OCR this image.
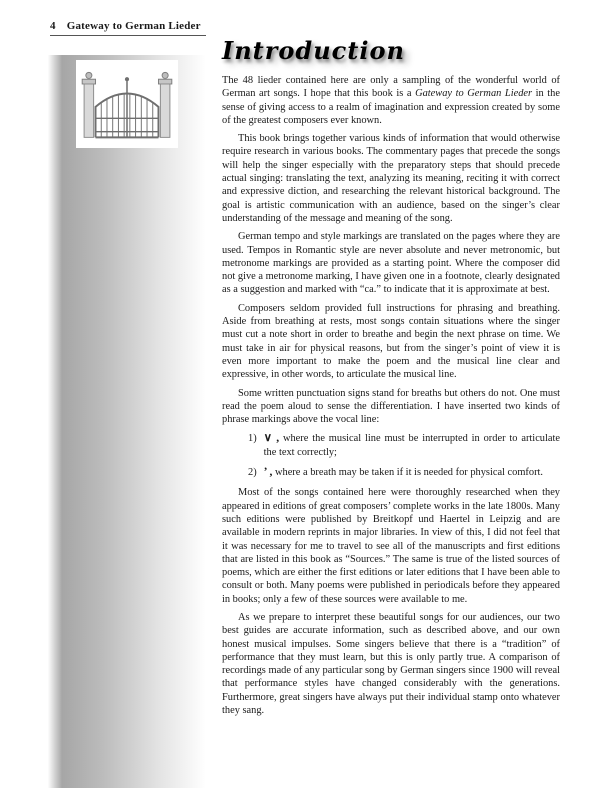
4 Gateway to German Lieder
Introduction

The 48 lieder contained here are only a sampling of the wonderful world of German art songs. I hope that this book is a Gateway to German Lieder in the sense of giving access to a realm of imagination and expression created by some of the greatest composers ever known.

This book brings together various kinds of information that would otherwise require research in various books. The commentary pages that precede the songs will help the singer especially with the preparatory steps that should precede actual singing: translating the text, analyzing its meaning, reciting it with correct and expressive diction, and researching the relevant historical background. The goal is artistic communication with an audience, based on the singer’s clear understanding of the message and meaning of the song.

German tempo and style markings are translated on the pages where they are used. Tempos in Romantic style are never absolute and never metronomic, but metronome markings are provided as a starting point. Where the composer did not give a metronome marking, I have given one in a footnote, clearly designated as a suggestion and marked with “ca.” to indicate that it is approximate at best.

Composers seldom provided full instructions for phrasing and breathing. Aside from breathing at rests, most songs contain situations where the singer must cut a note short in order to breathe and begin the next phrase on time. We must take in air for physical reasons, but from the singer’s point of view it is even more important to make the poem and the musical line clear and expressive, in other words, to articulate the musical line.

Some written punctuation signs stand for breaths but others do not. One must read the poem aloud to sense the differentiation. I have inserted two kinds of phrase markings above the vocal line:

1) ∨ , where the musical line must be interrupted in order to articulate the text correctly;
2) ’ , where a breath may be taken if it is needed for physical comfort.

Most of the songs contained here were thoroughly researched when they appeared in editions of great composers’ complete works in the late 1800s. Many such editions were published by Breitkopf und Haertel in Leipzig and are available in modern reprints in major libraries. In view of this, I did not feel that it was necessary for me to travel to see all of the manuscripts and first editions that are listed in this book as “Sources.” The same is true of the listed sources of poems, which are either the first editions or later editions that I have been able to consult or both. Many poems were published in periodicals before they appeared in books; only a few of these sources were available to me.

As we prepare to interpret these beautiful songs for our audiences, our two best guides are accurate information, such as described above, and our own honest musical impulses. Some singers believe that there is a “tradition” of performance that they must learn, but this is only partly true. A comparison of recordings made of any particular song by German singers since 1900 will reveal that performance styles have changed considerably with the generations. Furthermore, great singers have always put their individual stamp onto whatever they sang.
